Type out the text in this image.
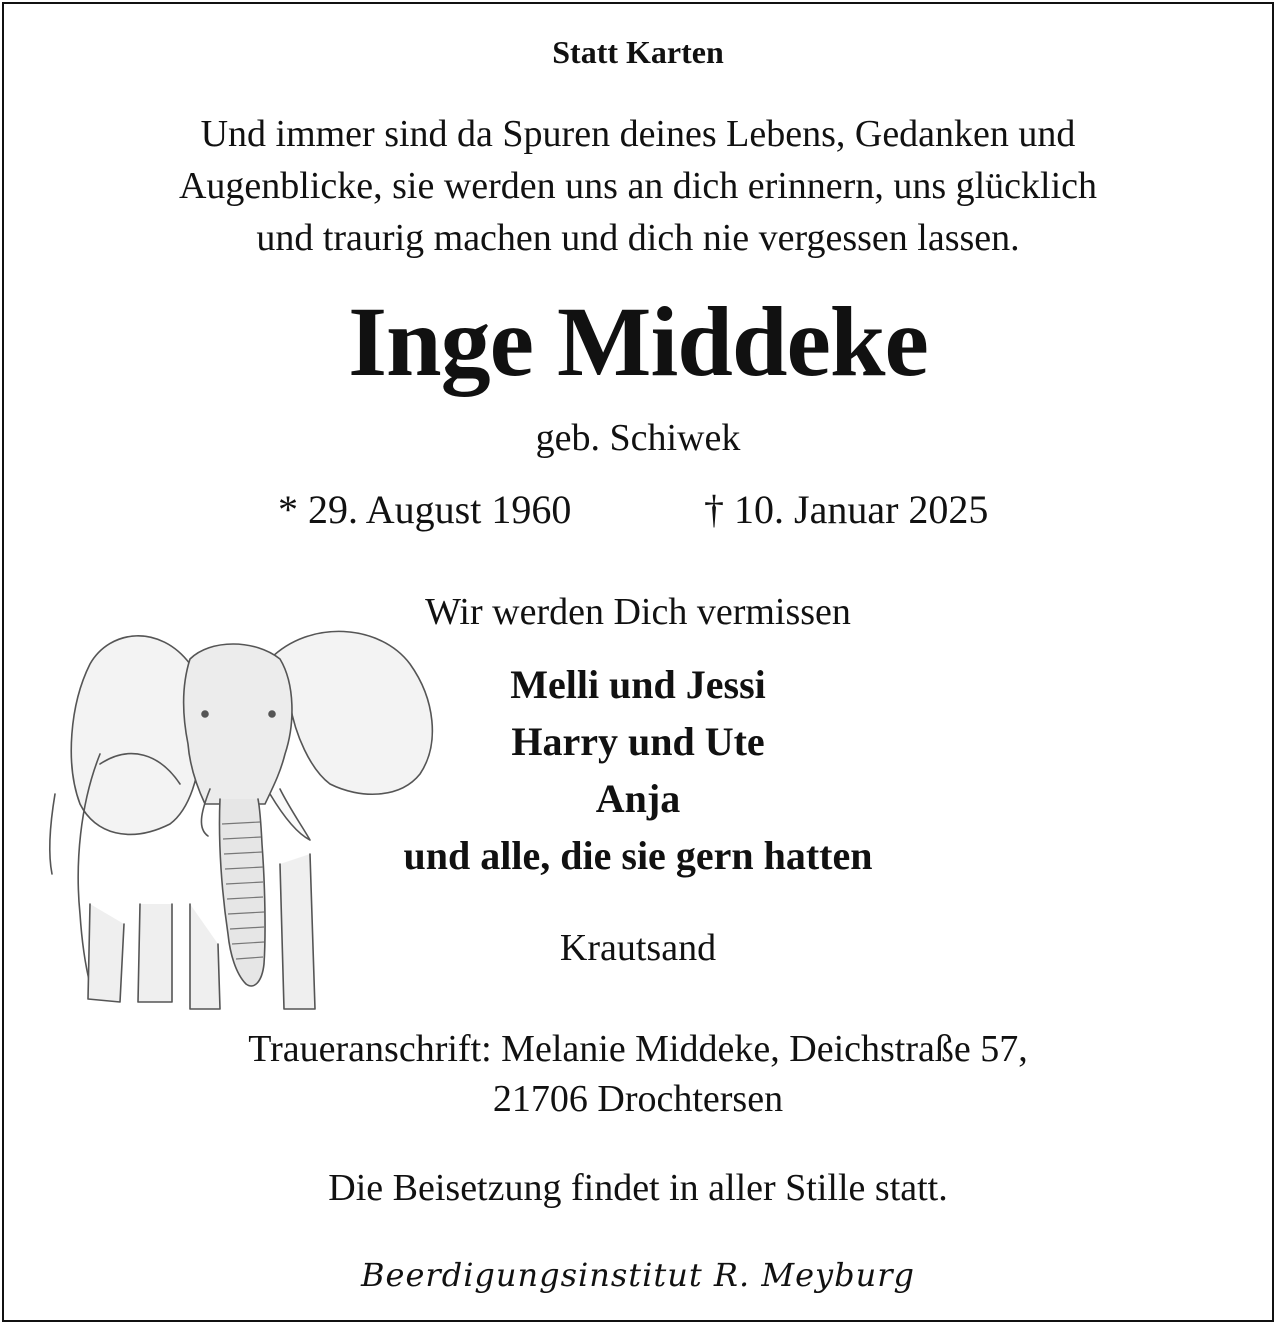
Statt Karten
Und immer sind da Spuren deines Lebens, Gedanken und
Augenblicke, sie werden uns an dich erinnern, uns glücklich
und traurig machen und dich nie vergessen lassen.
Inge Middeke
geb. Schiwek
* 29. August 1960	† 10. Januar 2025
Wir werden Dich vermissen
Melli und Jessi
Harry und Ute
Anja
und alle, die sie gern hatten
Krautsand
Traueranschrift: Melanie Middeke, Deichstraße 57,
21706 Drochtersen
Die Beisetzung findet in aller Stille statt.
Beerdigungsinstitut R. Meyburg
